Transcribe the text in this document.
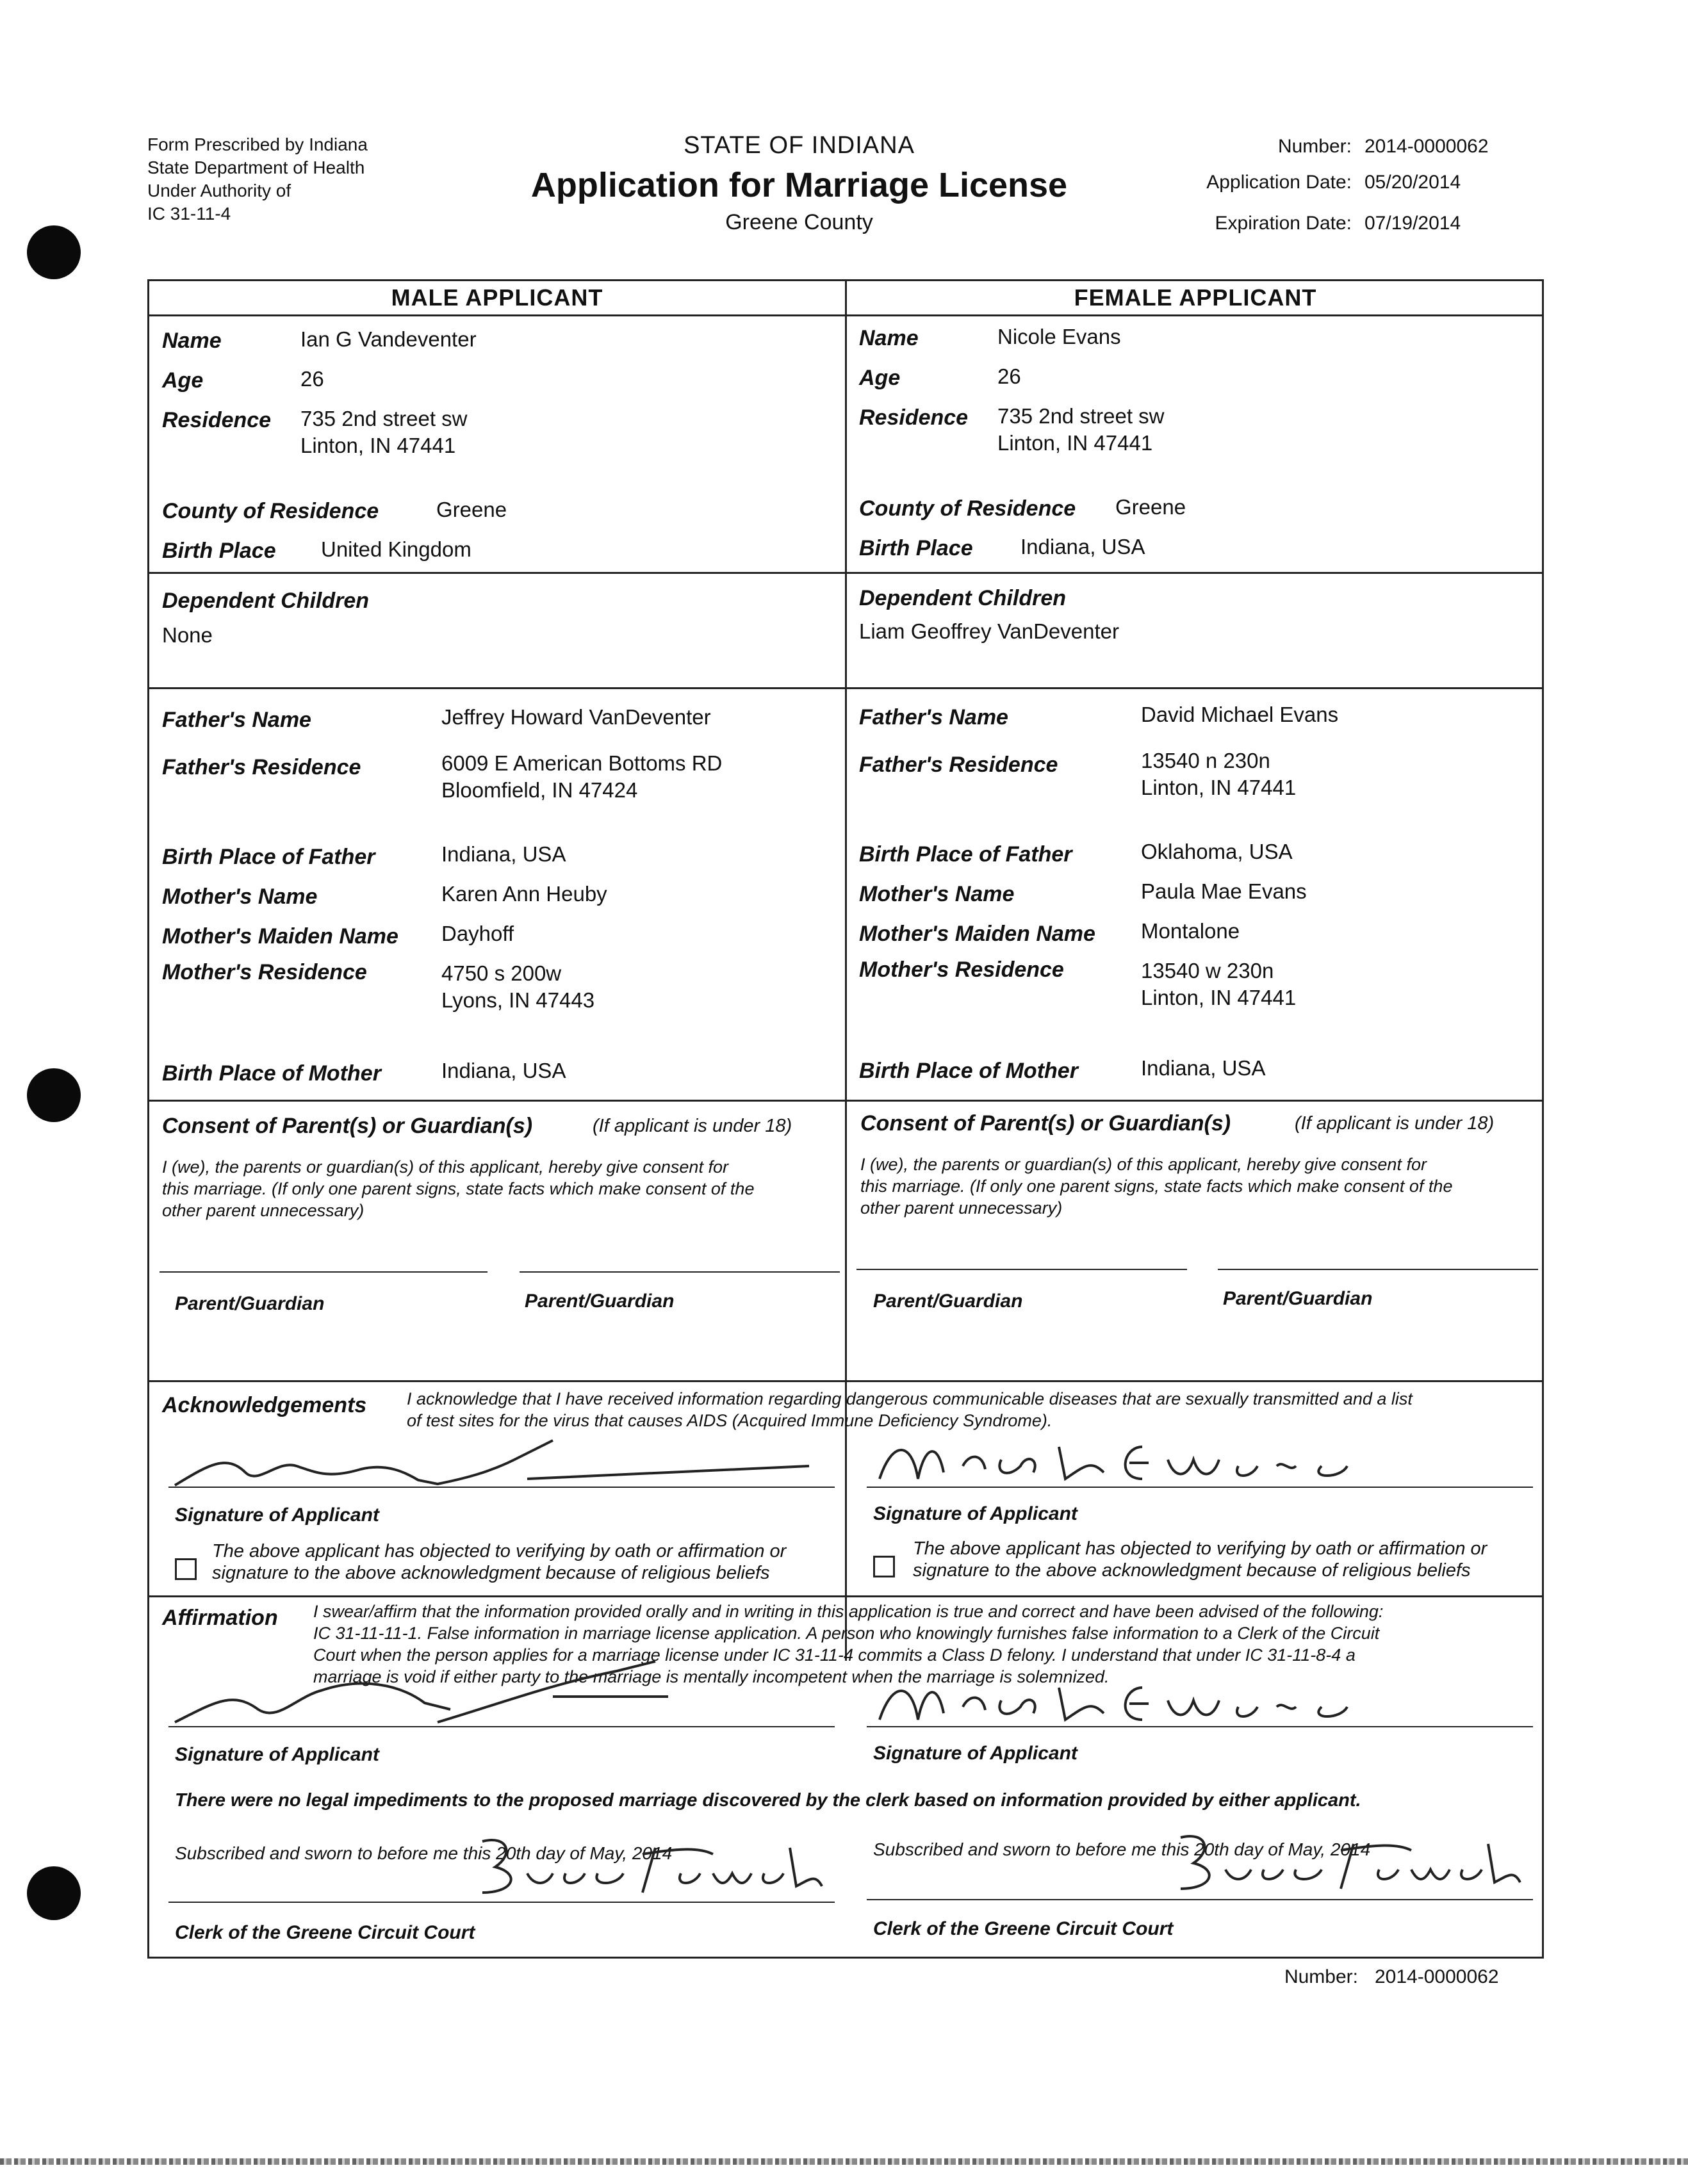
Form Prescribed by Indiana
State Department of Health
Under Authority of
IC 31-11-4
STATE OF INDIANA
Application for Marriage License
Greene County
Number: 2014-0000062
Application Date: 05/20/2014
Expiration Date: 07/19/2014
MALE APPLICANT	FEMALE APPLICANT
Name	Ian G Vandeventer
Age	26
Residence 735 2nd street sw
Linton, IN 47441
County of Residence	Greene
Birth Place United Kingdom
Dependent Children
None
Father's Name	Jeffrey Howard VanDeventer
Father's Residence	6009 E American Bottoms RD
Bloomfield, IN 47424
Birth Place of Father	Indiana, USA
Mother's Name	Karen Ann Heuby
Mother's Maiden Name Dayhoff
Mother's Residence	4750 s 200w
Lyons, IN 47443
Birth Place of Mother	Indiana, USA
Name	Nicole Evans
Age	26
Residence 735 2nd street sw
Linton, IN 47441
County of Residence Greene
Birth Place Indiana, USA
Dependent Children
Liam Geoffrey VanDeventer
Father's Name	David Michael Evans
Father's Residence	13540 n 230n
Linton, IN 47441
Birth Place of Father	Oklahoma, USA
Mother's Name	Paula Mae Evans
Mother's Maiden Name Montalone
Mother's Residence	13540 w 230n
Linton, IN 47441
Birth Place of Mother	Indiana, USA
Consent of Parent(s) or Guardian(s)	(If applicant is under 18)
I (we), the parents or guardian(s) of this applicant, hereby give consent for
this marriage. (If only one parent signs, state facts which make consent of the
other parent unnecessary)
Parent/Guardian	Parent/Guardian
Consent of Parent(s) or Guardian(s)	(If applicant is under 18)
I (we), the parents or guardian(s) of this applicant, hereby give consent for
this marriage. (If only one parent signs, state facts which make consent of the
other parent unnecessary)
Parent/Guardian	Parent/Guardian
Acknowledgements I acknowledge that I have received information regarding dangerous communicable diseases that are sexually transmitted and a list
of test sites for the virus that causes AIDS (Acquired Immune Deficiency Syndrome).
Signature of Applicant	Signature of Applicant
The above applicant has objected to verifying by oath or affirmation or
signature to the above acknowledgment because of religious beliefs
The above applicant has objected to verifying by oath or affirmation or
signature to the above acknowledgment because of religious beliefs
Affirmation I swear/affirm that the information provided orally and in writing in this application is true and correct and have been advised of the following:
IC 31-11-11-1. False information in marriage license application. A person who knowingly furnishes false information to a Clerk of the Circuit
Court when the person applies for a marriage license under IC 31-11-4 commits a Class D felony. I understand that under IC 31-11-8-4 a
marriage is void if either party to the marriage is mentally incompetent when the marriage is solemnized.
Signature of Applicant	Signature of Applicant
There were no legal impediments to the proposed marriage discovered by the clerk based on information provided by either applicant.
Subscribed and sworn to before me this 20th day of May, 2014	Subscribed and sworn to before me this 20th day of May, 2014
Clerk of the Greene Circuit Court	Clerk of the Greene Circuit Court
Number: 2014-0000062
